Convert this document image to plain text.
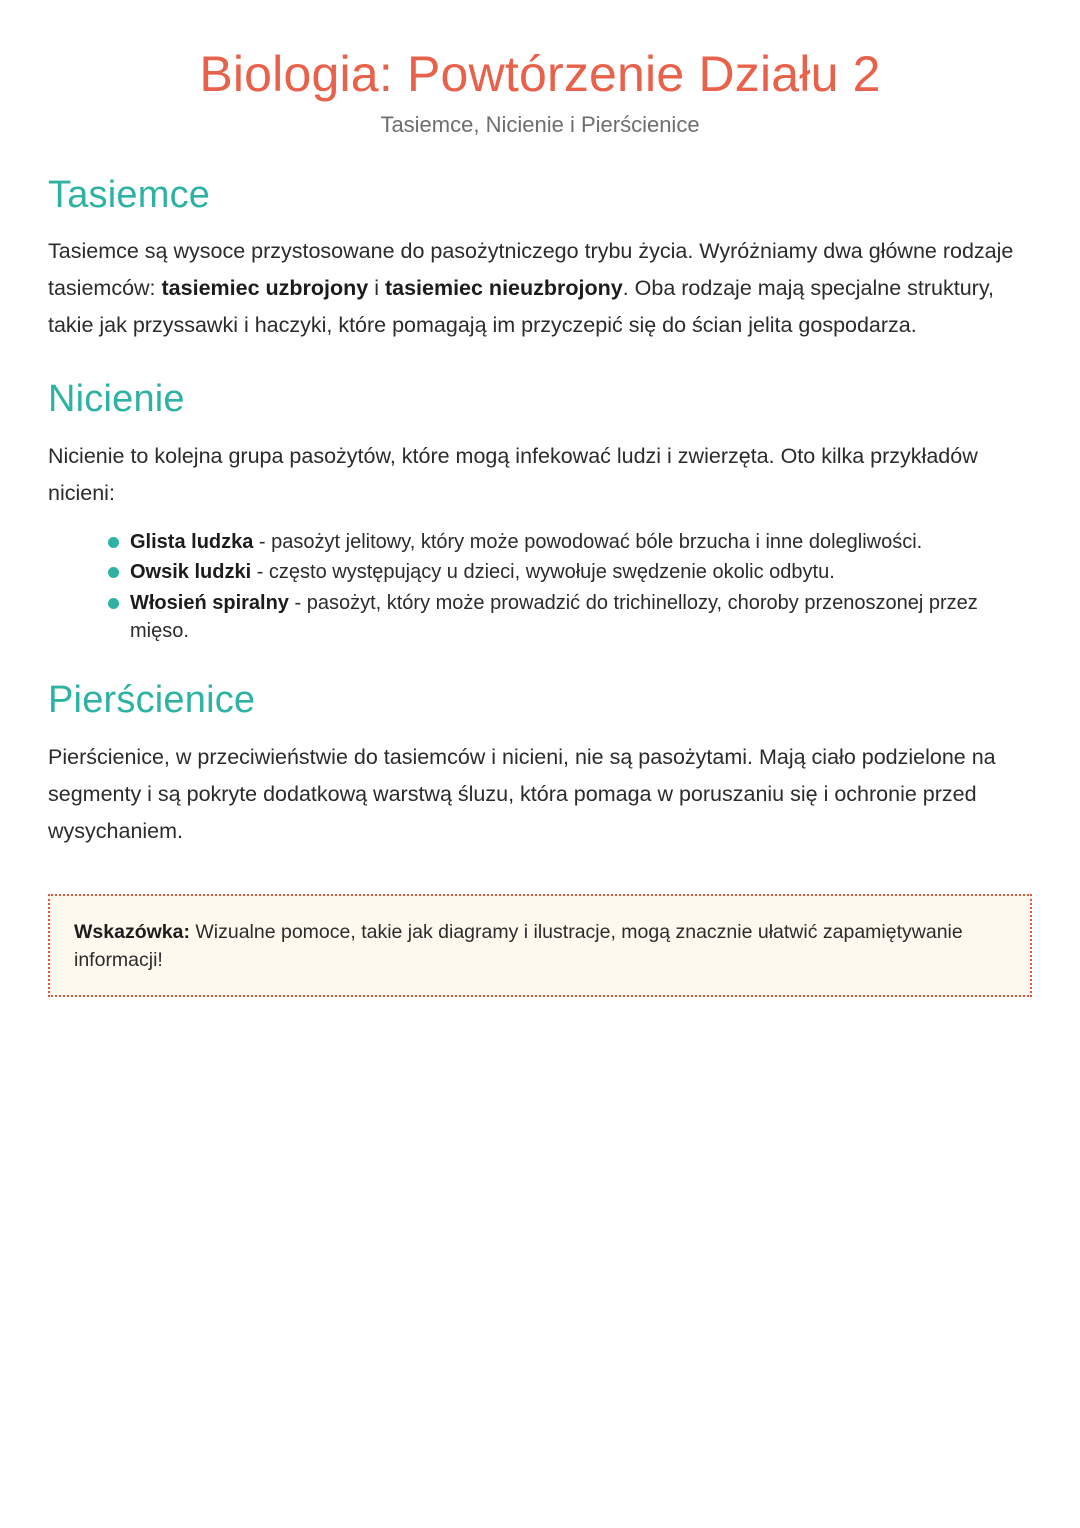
Biologia: Powtórzenie Działu 2

Tasiemce, Nicienie i Pierścienice

Tasiemce

Tasiemce są wysoce przystosowane do pasożytniczego trybu życia. Wyróżniamy dwa główne rodzaje tasiemców: tasiemiec uzbrojony i tasiemiec nieuzbrojony. Oba rodzaje mają specjalne struktury, takie jak przyssawki i haczyki, które pomagają im przyczepić się do ścian jelita gospodarza.

Nicienie

Nicienie to kolejna grupa pasożytów, które mogą infekować ludzi i zwierzęta. Oto kilka przykładów nicieni:

Glista ludzka - pasożyt jelitowy, który może powodować bóle brzucha i inne dolegliwości.
Owsik ludzki - często występujący u dzieci, wywołuje swędzenie okolic odbytu.
Włosień spiralny - pasożyt, który może prowadzić do trichinellozy, choroby przenoszonej przez mięso.
Pierścienice

Pierścienice, w przeciwieństwie do tasiemców i nicieni, nie są pasożytami. Mają ciało podzielone na segmenty i są pokryte dodatkową warstwą śluzu, która pomaga w poruszaniu się i ochronie przed wysychaniem.

Wskazówka: Wizualne pomoce, takie jak diagramy i ilustracje, mogą znacznie ułatwić zapamiętywanie informacji!
